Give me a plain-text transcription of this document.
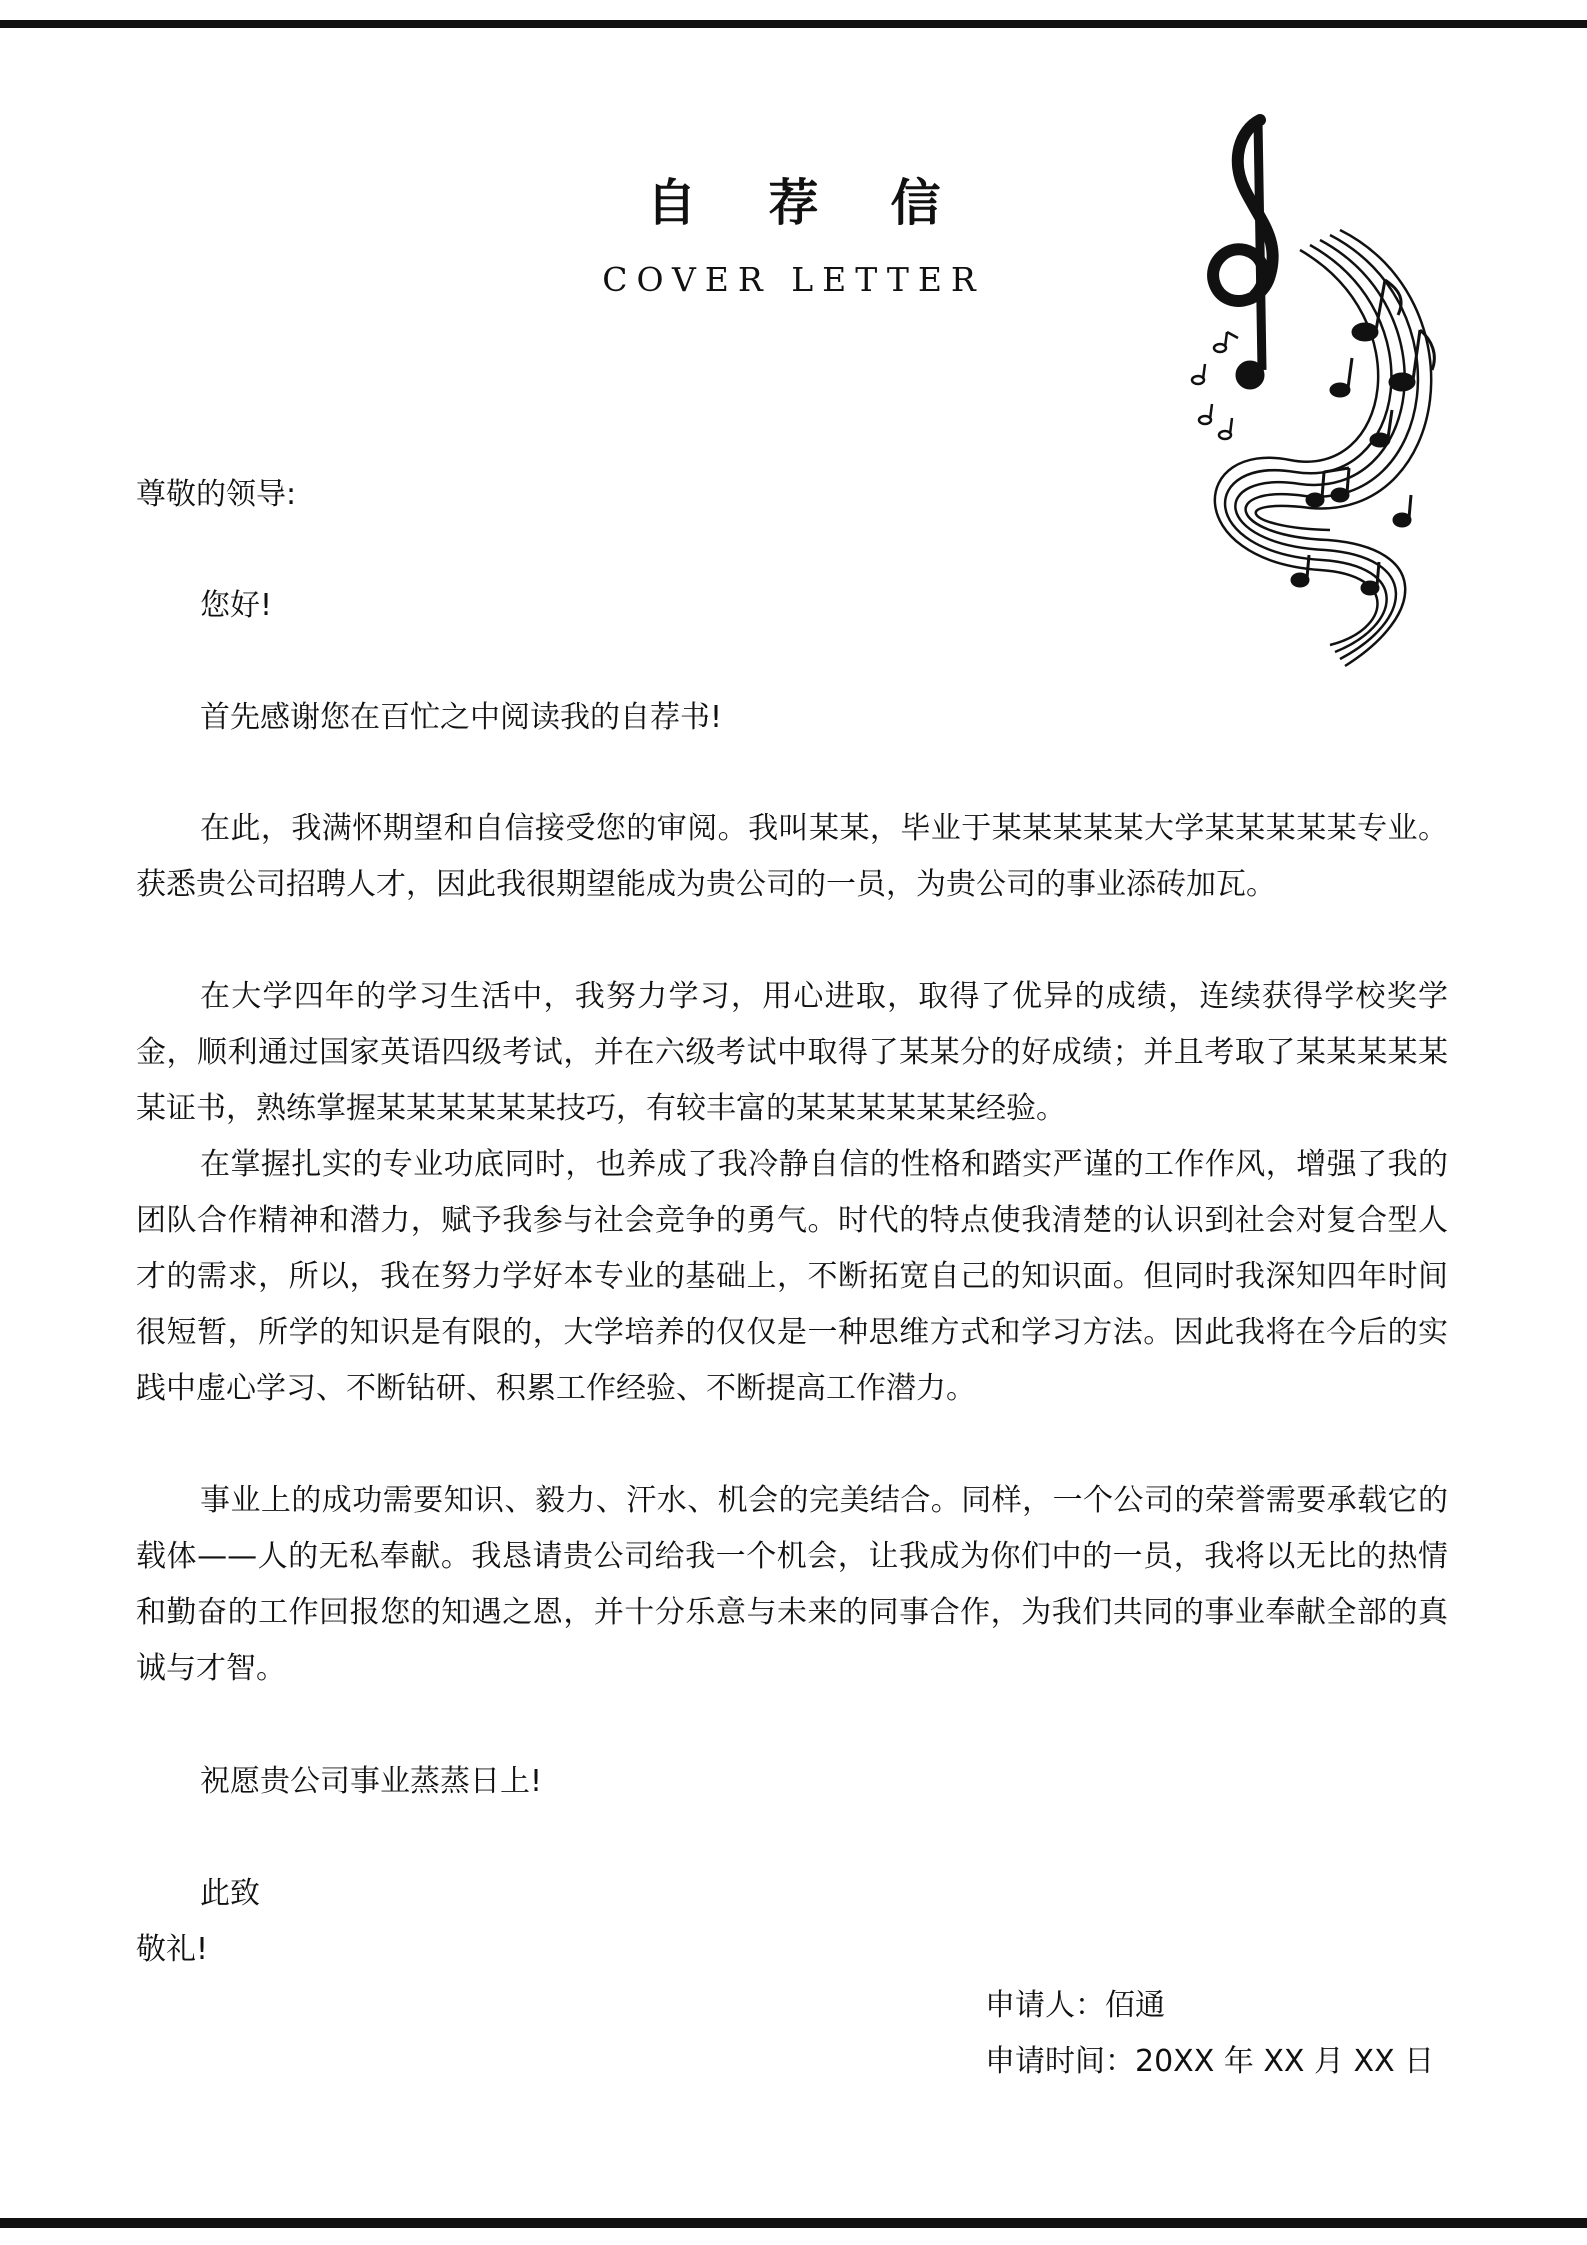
自 荐 信
COVER LETTER
尊敬的领导:
您好!
首先感谢您在百忙之中阅读我的自荐书!
在此，我满怀期望和自信接受您的审阅。我叫某某，毕业于某某某某某大学某某某某某专业。获悉贵公司招聘人才，因此我很期望能成为贵公司的一员，为贵公司的事业添砖加瓦。
在大学四年的学习生活中，我努力学习，用心进取，取得了优异的成绩，连续获得学校奖学金，顺利通过国家英语四级考试，并在六级考试中取得了某某分的好成绩；并且考取了某某某某某某证书，熟练掌握某某某某某某技巧，有较丰富的某某某某某某经验。
在掌握扎实的专业功底同时，也养成了我冷静自信的性格和踏实严谨的工作作风，增强了我的团队合作精神和潜力，赋予我参与社会竞争的勇气。时代的特点使我清楚的认识到社会对复合型人才的需求，所以，我在努力学好本专业的基础上，不断拓宽自己的知识面。但同时我深知四年时间很短暂，所学的知识是有限的，大学培养的仅仅是一种思维方式和学习方法。因此我将在今后的实践中虚心学习、不断钻研、积累工作经验、不断提高工作潜力。
事业上的成功需要知识、毅力、汗水、机会的完美结合。同样，一个公司的荣誉需要承载它的载体——人的无私奉献。我恳请贵公司给我一个机会，让我成为你们中的一员，我将以无比的热情和勤奋的工作回报您的知遇之恩，并十分乐意与未来的同事合作，为我们共同的事业奉献全部的真诚与才智。
祝愿贵公司事业蒸蒸日上!
此致
敬礼!
申请人：佰通
申请时间：20XX 年 XX 月 XX 日
